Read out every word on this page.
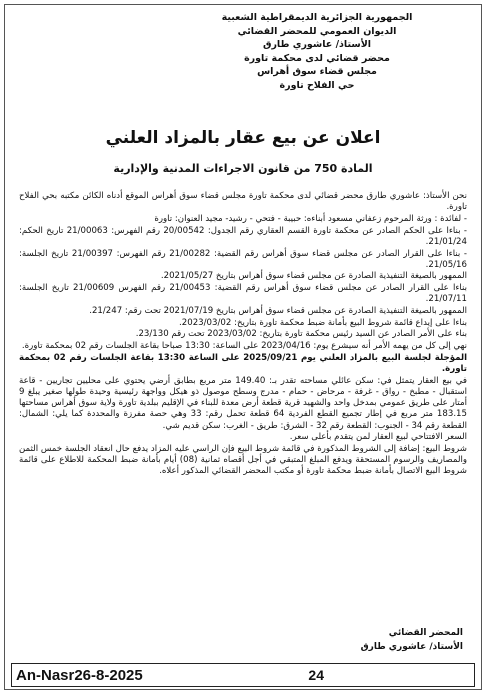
الجمهورية الجزائرية الديمقراطية الشعبية
الديوان العمومي للمحضر القضائي
الأستاذ/ عاشوري طارق
محضر قضائي لدى محكمة تاورة
مجلس قضاء سوق أهراس
حي الفلاح تاورة
اعلان عن بيع عقار بالمزاد العلني
المادة 750 من قانون الاجراءات المدنية والإدارية

نحن الأستاذ: عاشوري طارق محضر قضائي لدى محكمة تاورة مجلس قضاء سوق أهراس الموقع أدناه الكائن مكتبه بحي الفلاح تاورة.

- لفائدة : ورثة المرحوم زعفاني مسعود أبناءه: حبيبة - فتحي - رشيد- مجيد العنوان: تاورة

- بناءا على الحكم الصادر عن محكمة تاورة القسم العقاري رقم الجدول: 20/00542 رقم الفهرس: 21/00063 تاريخ الحكم: 21/01/24.

- بناءا على القرار الصادر عن مجلس قضاء سوق أهراس رقم القضية: 21/00282 رقم الفهرس: 21/00397 تاريخ الجلسة: 21/05/16.

الممهور بالصيغة التنفيذية الصادرة عن مجلس قضاء سوق أهراس بتاريخ 2021/05/27.

بناءا على القرار الصادر عن مجلس قضاء سوق أهراس رقم القضية: 21/00453 رقم الفهرس 21/00609 تاريخ الجلسة: 21/07/11.

الممهور بالصيغة التنفيذية الصادرة عن مجلس قضاء سوق أهراس بتاريخ 2021/07/19 تحت رقم: 21/247.

بناءا على إيداع قائمة شروط البيع بأمانة ضبط محكمة تاورة بتاريخ: 2023/03/02.

بناء على الأمر الصادر عن السيد رئيس محكمة تاورة بتاريخ: 2023/03/02 تحت رقم 23/130.

نهي إلى كل من يهمه الأمر أنه سيشرع يوم: 2023/04/16 على الساعة: 13:30 صباحا بقاعة الجلسات رقم 02 بمحكمة تاورة.

المؤجلة لجلسة البيع بالمزاد العلني يوم 2025/09/21 على الساعة 13:30 بقاعة الجلسات رقم 02 بمحكمة تاورة.

في بيع العقار يتمثل في: سكن عائلي مساحته تقدر بـ: 149.40 متر مربع بطابق أرضي يحتوي على محليين تجاريين - قاعة استقبال - مطبخ - رواق - غرفة - مرحاض - حمام - مدرج وسطح موصول ذو هيكل وواجهة رئيسية وحيدة طولها صغير يبلغ 9 أمتار على طريق عمومي بمدخل واحد والشهيد قرية قطعة أرض معدة للبناء في الإقليم ببلدية تاورة ولاية سوق أهراس مساحتها 183.15 متر مربع في إطار تجميع القطع الفردية 64 قطعة تحمل رقم: 33 وهي حصة مفرزة والمحددة كما يلي: الشمال: القطعة رقم 34 - الجنوب: القطعة رقم 32 - الشرق: طريق - الغرب: سكن قديم شي.

السعر الافتتاحي لبيع العقار لمن يتقدم بأعلى سعر.

شروط البيع: إضافة إلى الشروط المذكورة في قائمة شروط البيع فإن الراسي عليه المزاد يدفع حال انعقاد الجلسة خمس الثمن والمصاريف والرسوم المستحقة ويدفع المبلغ المتبقي في أجل أقصاه ثمانية (08) أيام بأمانة ضبط المحكمة للاطلاع على قائمة شروط البيع الاتصال بأمانة ضبط محكمة تاورة أو مكتب المحضر القضائي المذكور أعلاه.

المحضر القضائي
الأستاذ/ عاشوري طارق
An-Nasr26-8-2025	24
